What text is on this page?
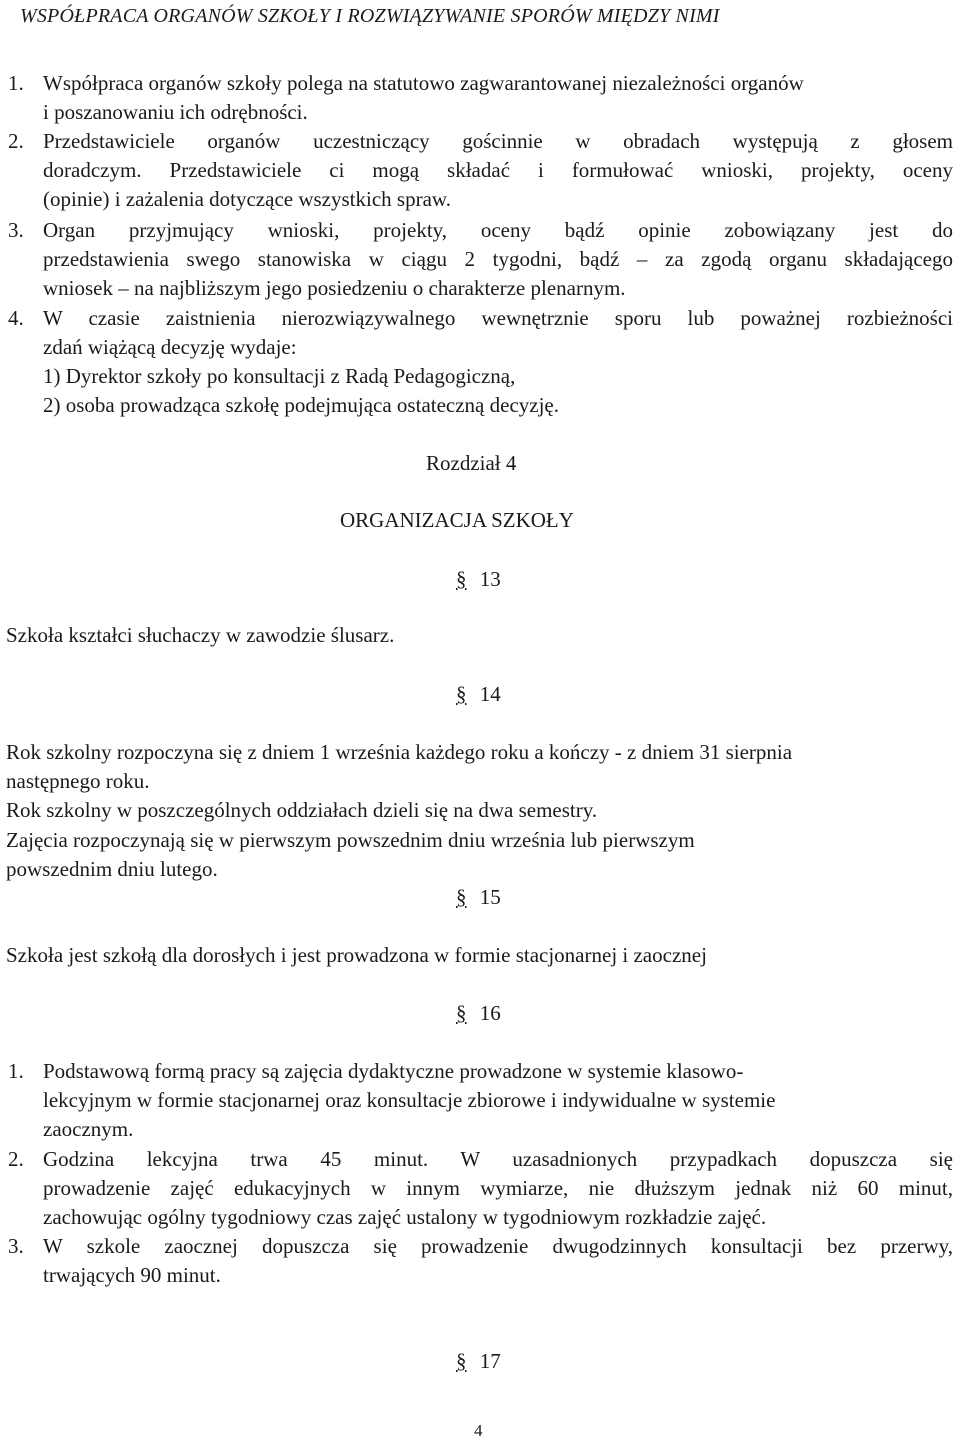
WSPÓŁPRACA ORGANÓW SZKOŁY I ROZWIĄZYWANIE SPORÓW MIĘDZY NIMI
1. Współpraca organów szkoły polega na statutowo zagwarantowanej niezależności organów
i poszanowaniu ich odrębności.
2. Przedstawiciele organów uczestniczący gościnnie w obradach występują z głosem
doradczym. Przedstawiciele ci mogą składać i formułować wnioski, projekty, oceny
(opinie) i zażalenia dotyczące wszystkich spraw.
3. Organ przyjmujący wnioski, projekty, oceny bądź opinie zobowiązany jest do
przedstawienia swego stanowiska w ciągu 2 tygodni, bądź – za zgodą organu składającego
wniosek – na najbliższym jego posiedzeniu o charakterze plenarnym.
4. W czasie zaistnienia nierozwiązywalnego wewnętrznie sporu lub poważnej rozbieżności
zdań wiążącą decyzję wydaje:
1) Dyrektor szkoły po konsultacji z Radą Pedagogiczną,
2) osoba prowadząca szkołę podejmująca ostateczną decyzję.
Rozdział 4
ORGANIZACJA SZKOŁY
§ 13
Szkoła kształci słuchaczy w zawodzie ślusarz.
§ 14
Rok szkolny rozpoczyna się z dniem 1 września każdego roku a kończy - z dniem 31 sierpnia
następnego roku.
Rok szkolny w poszczególnych oddziałach dzieli się na dwa semestry.
Zajęcia rozpoczynają się w pierwszym powszednim dniu września lub pierwszym
powszednim dniu lutego.
§ 15
Szkoła jest szkołą dla dorosłych i jest prowadzona w formie stacjonarnej i zaocznej
§ 16
1. Podstawową formą pracy są zajęcia dydaktyczne prowadzone w systemie klasowo-
lekcyjnym w formie stacjonarnej oraz konsultacje zbiorowe i indywidualne w systemie
zaocznym.
2. Godzina lekcyjna trwa 45 minut. W uzasadnionych przypadkach dopuszcza się
prowadzenie zajęć edukacyjnych w innym wymiarze, nie dłuższym jednak niż 60 minut,
zachowując ogólny tygodniowy czas zajęć ustalony w tygodniowym rozkładzie zajęć.
3. W szkole zaocznej dopuszcza się prowadzenie dwugodzinnych konsultacji bez przerwy,
trwających 90 minut.
§ 17
4
